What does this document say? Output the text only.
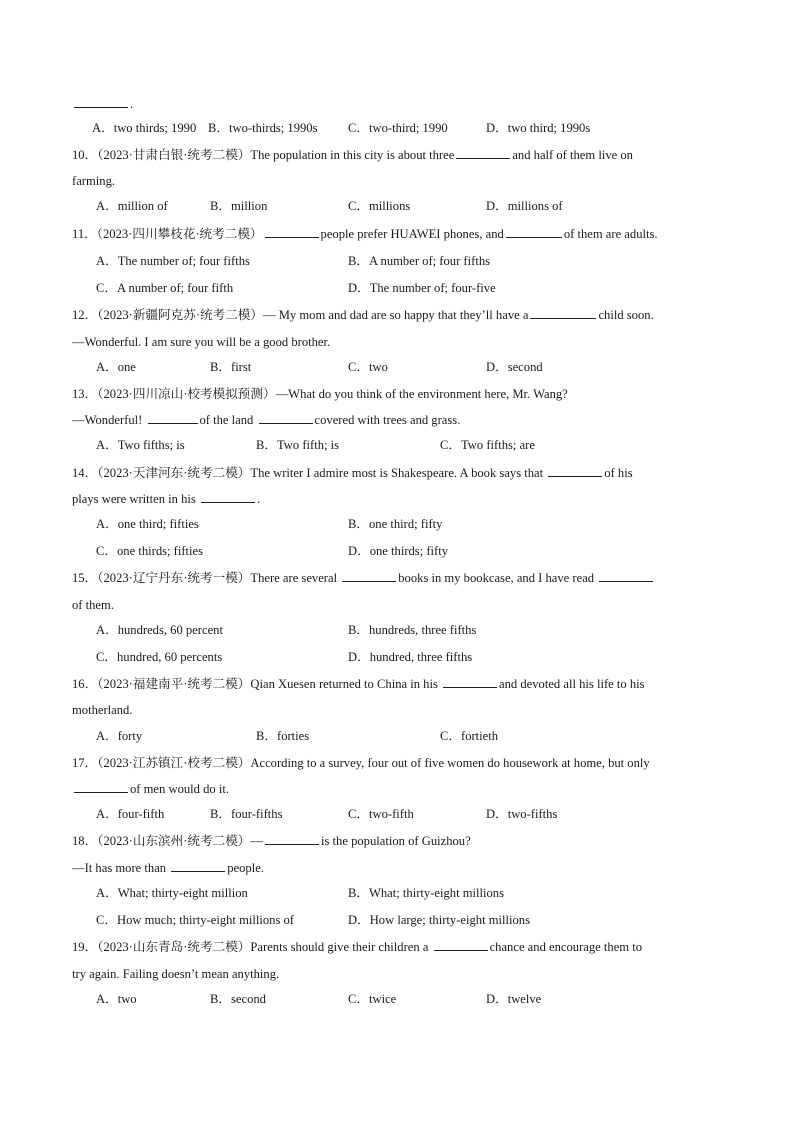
.
A．two thirds; 1990 B．two-thirds; 1990s C．two-third; 1990	D．two third; 1990s
10．（2023·甘肃白银·统考二模）The population in this city is about three	and half of them live on
farming.
A．million of	B．million	C．millions	D．millions of
11．（2023·四川攀枝花·统考二模）	people prefer HUAWEI phones, and	of them are adults.
A．The number of; four fifths	B．A number of; four fifths
C．A number of; four fifth	D．The number of; four-five
12．（2023·新疆阿克苏·统考二模）— My mom and dad are so happy that they’ll have a	child soon.
—Wonderful. I am sure you will be a good brother.
A．one	B．first	C．two	D．second
13．（2023·四川凉山·校考模拟预测）—What do you think of the environment here, Mr. Wang?
—Wonderful!	of the land	covered with trees and grass.
A．Two fifths; is	B．Two fifth; is	C．Two fifths; are
14．（2023·天津河东·统考二模）The writer I admire most is Shakespeare. A book says that	of his
plays were written in his	.
A．one third; fifties	B．one third; fifty
C．one thirds; fifties	D．one thirds; fifty
15．（2023·辽宁丹东·统考一模）There are several	books in my bookcase, and I have read
of them.
A．hundreds, 60 percent	B．hundreds, three fifths
C．hundred, 60 percents	D．hundred, three fifths
16．（2023·福建南平·统考二模）Qian Xuesen returned to China in his	and devoted all his life to his
motherland.
A．forty	B．forties	C．fortieth
17．（2023·江苏镇江·校考二模）According to a survey, four out of five women do housework at home, but only
of men would do it.
A．four-fifth	B．four-fifths	C．two-fifth	D．two-fifths
18．（2023·山东滨州·统考二模）—	is the population of Guizhou?
—It has more than	people.
A．What; thirty-eight million	B．What; thirty-eight millions
C．How much; thirty-eight millions of	D．How large; thirty-eight millions
19．（2023·山东青岛·统考二模）Parents should give their children a	chance and encourage them to
try again. Failing doesn’t mean anything.
A．two	B．second	C．twice	D．twelve
